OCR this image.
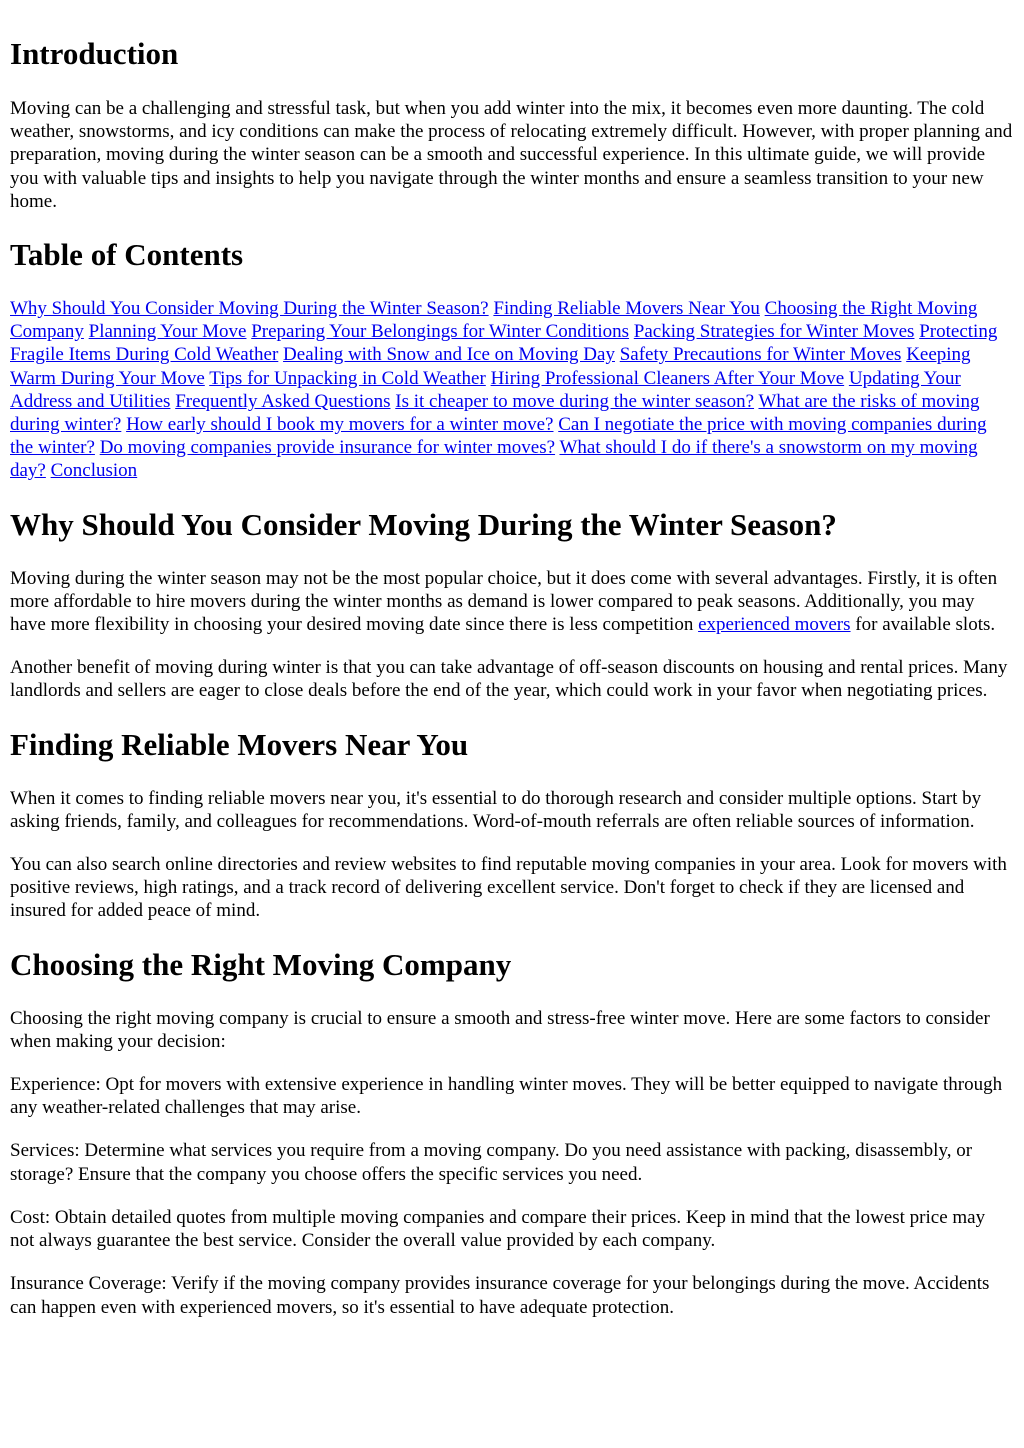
Introduction

Moving can be a challenging and stressful task, but when you add winter into the mix, it becomes even more daunting. The cold weather, snowstorms, and icy conditions can make the process of relocating extremely difficult. However, with proper planning and preparation, moving during the winter season can be a smooth and successful experience. In this ultimate guide, we will provide you with valuable tips and insights to help you navigate through the winter months and ensure a seamless transition to your new home.

Table of Contents

Why Should You Consider Moving During the Winter Season? Finding Reliable Movers Near You Choosing the Right Moving Company Planning Your Move Preparing Your Belongings for Winter Conditions Packing Strategies for Winter Moves Protecting Fragile Items During Cold Weather Dealing with Snow and Ice on Moving Day Safety Precautions for Winter Moves Keeping Warm During Your Move Tips for Unpacking in Cold Weather Hiring Professional Cleaners After Your Move Updating Your Address and Utilities Frequently Asked Questions Is it cheaper to move during the winter season? What are the risks of moving during winter? How early should I book my movers for a winter move? Can I negotiate the price with moving companies during the winter? Do moving companies provide insurance for winter moves? What should I do if there's a snowstorm on my moving day? Conclusion

Why Should You Consider Moving During the Winter Season?

Moving during the winter season may not be the most popular choice, but it does come with several advantages. Firstly, it is often more affordable to hire movers during the winter months as demand is lower compared to peak seasons. Additionally, you may have more flexibility in choosing your desired moving date since there is less competition experienced movers for available slots.

Another benefit of moving during winter is that you can take advantage of off-season discounts on housing and rental prices. Many landlords and sellers are eager to close deals before the end of the year, which could work in your favor when negotiating prices.

Finding Reliable Movers Near You

When it comes to finding reliable movers near you, it's essential to do thorough research and consider multiple options. Start by asking friends, family, and colleagues for recommendations. Word-of-mouth referrals are often reliable sources of information.

You can also search online directories and review websites to find reputable moving companies in your area. Look for movers with positive reviews, high ratings, and a track record of delivering excellent service. Don't forget to check if they are licensed and insured for added peace of mind.

Choosing the Right Moving Company

Choosing the right moving company is crucial to ensure a smooth and stress-free winter move. Here are some factors to consider when making your decision:

Experience: Opt for movers with extensive experience in handling winter moves. They will be better equipped to navigate through any weather-related challenges that may arise.

Services: Determine what services you require from a moving company. Do you need assistance with packing, disassembly, or storage? Ensure that the company you choose offers the specific services you need.

Cost: Obtain detailed quotes from multiple moving companies and compare their prices. Keep in mind that the lowest price may not always guarantee the best service. Consider the overall value provided by each company.

Insurance Coverage: Verify if the moving company provides insurance coverage for your belongings during the move. Accidents can happen even with experienced movers, so it's essential to have adequate protection.
